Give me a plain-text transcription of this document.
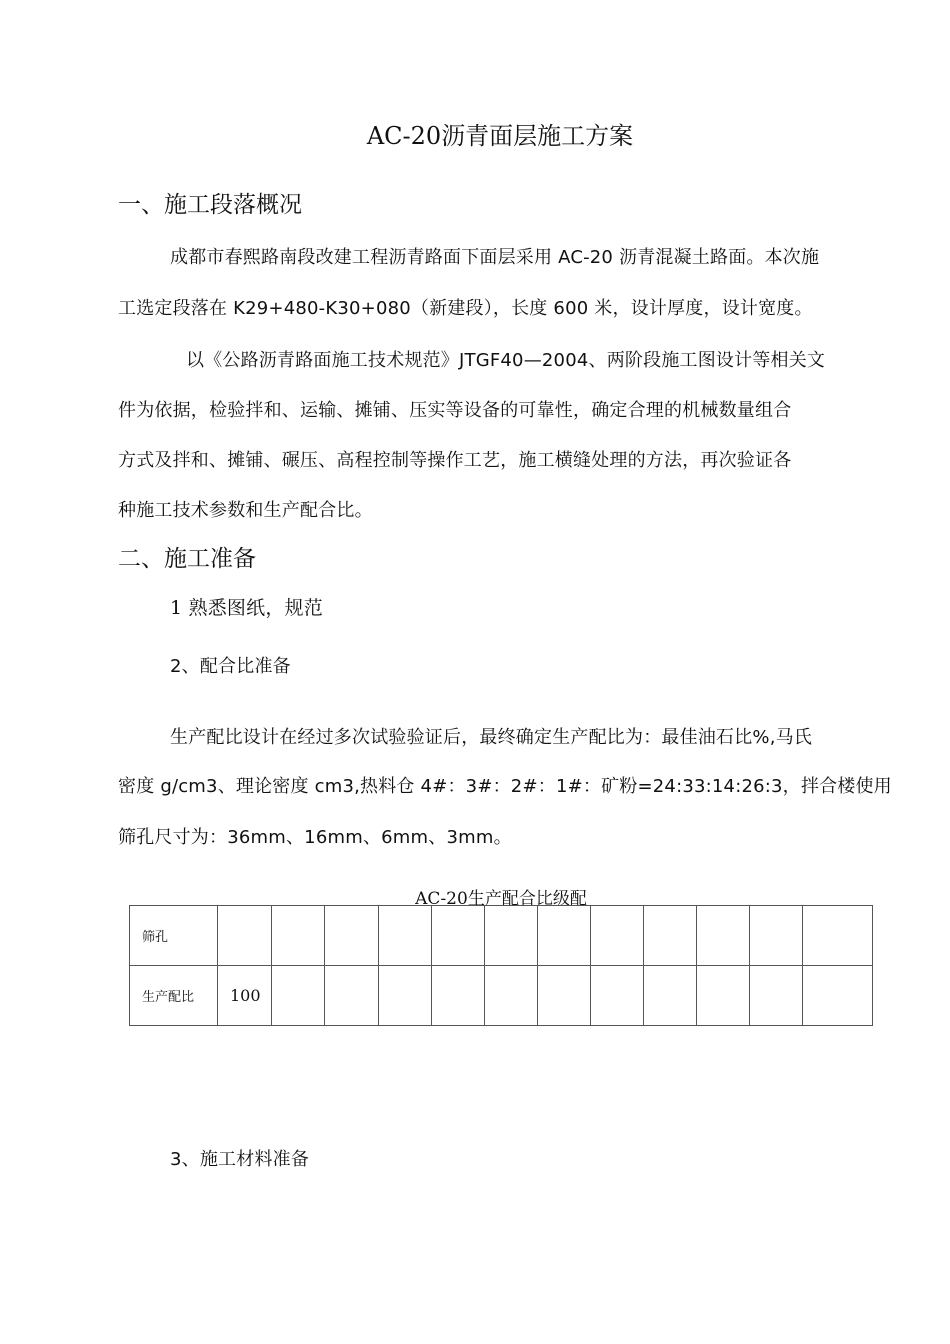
AC-20沥青面层施工方案
一、施工段落概况
成都市春熙路南段改建工程沥青路面下面层采用 AC-20 沥青混凝土路面。本次施
工选定段落在 K29+480-K30+080（新建段），长度 600 米，设计厚度，设计宽度。
以《公路沥青路面施工技术规范》JTGF40—2004、两阶段施工图设计等相关文
件为依据，检验拌和、运输、摊铺、压实等设备的可靠性，确定合理的机械数量组合
方式及拌和、摊铺、碾压、高程控制等操作工艺，施工横缝处理的方法，再次验证各
种施工技术参数和生产配合比。
二、施工准备
1 熟悉图纸，规范
2、配合比准备
生产配比设计在经过多次试验验证后，最终确定生产配比为：最佳油石比%,马氏
密度 g/cm3、理论密度 cm3,热料仓 4#：3#：2#：1#：矿粉=24:33:14:26:3，拌合楼使用
筛孔尺寸为：36mm、16mm、6mm、3mm。
AC-20生产配合比级配
筛孔												
生产配比	100											
3、施工材料准备
